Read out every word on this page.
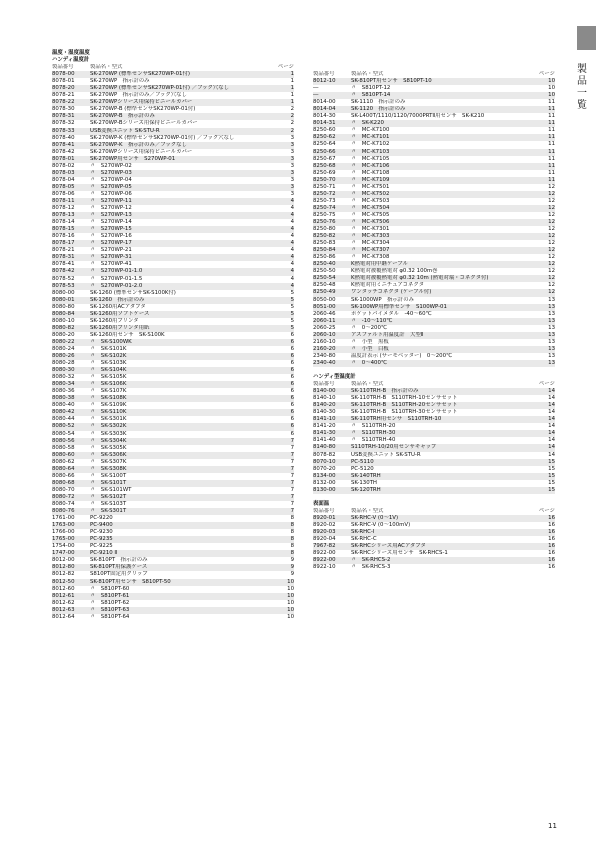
製品一覧
温度・湿度温度
ハンディ温度計
製品番号	製品名・型式	ページ
8078-00	SK-270WP (標準センサSK270WP-01付)	1
8078-01	SK-270WP　指示計のみ	1
8078-20	SK-270WP (標準センサSK270WP-01付) ／フック穴なし	1
8078-21	SK-270WP　指示計のみ／フック穴なし	1
8078-22	SK-270WPシリーズ用保持ビニールカバー	1
8078-30	SK-270WP-B (標準センサSK270WP-01付)	2
8078-31	SK-270WP-B　指示計のみ	2
8078-32	SK-270WP-Bシリーズ用保持ビニールカバー	2
8078-33	USB変換ユニット SK-STU-R	2
8078-40	SK-270WP-K (標準センサSK270WP-01付) ／フック穴なし	3
8078-41	SK-270WP-K　指示計のみ／フックなし	3
8078-42	SK-270WPシリーズ用保持ビニールカバー	3
8078-01	SK-270WP用センサ　S270WP-01	3
8078-02	〃　S270WP-02	3
8078-03	〃　S270WP-03	3
8078-04	〃　S270WP-04	3
8078-05	〃　S270WP-05	3
8078-06	〃　S270WP-06	3
8078-11	〃　S270WP-11	4
8078-12	〃　S270WP-12	4
8078-13	〃　S270WP-13	4
8078-14	〃　S270WP-14	4
8078-15	〃　S270WP-15	4
8078-16	〃　S270WP-16	4
8078-17	〃　S270WP-17	4
8078-21	〃　S270WP-21	4
8078-31	〃　S270WP-31	4
8078-41	〃　S270WP-41	4
8078-42	〃　S270WP-01-1.0	4
8078-52	〃　S270WP-01-1.5	4
8078-53	〃　S270WP-01-2.0	4
8080-00	SK-1260 (標準センサSK-S100K付)	5
8080-01	SK-1260　指示計のみ	5
8080-80	SK-1260用ACアダプタ	5
8080-84	SK-1260用ソフトケース	5
8080-10	SK-1260用プリンタ	5
8080-82	SK-1260用プリンタ用紙	5
8080-20	SK-1260用センサ　SK-S100K	6
8080-22	〃　SK-S100WK	6
8080-24	〃　SK-S101K	6
8080-26	〃　SK-S102K	6
8080-28	〃　SK-S103K	6
8080-30	〃　SK-S104K	6
8080-32	〃　SK-S105K	6
8080-34	〃　SK-S106K	6
8080-36	〃　SK-S107K	6
8080-38	〃　SK-S108K	6
8080-40	〃　SK-S109K	6
8080-42	〃　SK-S110K	6
8080-44	〃　SK-S301K	6
8080-52	〃　SK-S302K	6
8080-54	〃　SK-S303K	6
8080-56	〃　SK-S304K	7
8080-58	〃　SK-S305K	7
8080-60	〃　SK-S306K	7
8080-62	〃　SK-S307K	7
8080-64	〃　SK-S308K	7
8080-66	〃　SK-S100T	7
8080-68	〃　SK-S101T	7
8080-70	〃　SK-S101WT	7
8080-72	〃　SK-S102T	7
8080-74	〃　SK-S103T	7
8080-76	〃　SK-S301T	7
1761-00	PC-9220	8
1763-00	PC-9400	8
1766-00	PC-9230	8
1765-00	PC-9235	8
1754-00	PC-9225	8
1747-00	PC-9210 Ⅱ	8
8012-00	SK-810PT　指示計のみ	9
8012-80	SK-810PT用保護ケース	9
8012-82	S810PT固定用クリップ	9
8012-50	SK-810PT用センサ　S810PT-50	10
8012-60	〃　S810PT-60	10
8012-61	〃　S810PT-61	10
8012-62	〃　S810PT-62	10
8012-63	〃　S810PT-63	10
8012-64	〃　S810PT-64	10
製品番号	製品名・型式	ページ
8012-10	SK-810PT用センサ　S810PT-10	10
―	〃　S810PT-12	10
―	〃　S810PT-14	10
8014-00	SK-1110　指示計のみ	11
8014-04	SK-1120　指示計のみ	11
8014-30	SK-L400T/1110/1120/7000PRTⅡ用センサ　SK-K210	11
8014-31	〃　SK-K220	11
8250-60	〃　MC-K7100	11
8250-62	〃　MC-K7101	11
8250-64	〃　MC-K7102	11
8250-66	〃　MC-K7103	11
8250-67	〃　MC-K7105	11
8250-68	〃　MC-K7106	11
8250-69	〃　MC-K7108	11
8250-70	〃　MC-K7109	11
8250-71	〃　MC-K7501	12
8250-72	〃　MC-K7502	12
8250-73	〃　MC-K7503	12
8250-74	〃　MC-K7504	12
8250-75	〃　MC-K7505	12
8250-76	〃　MC-K7506	12
8250-80	〃　MC-K7301	12
8250-82	〃　MC-K7303	12
8250-83	〃　MC-K7304	12
8250-84	〃　MC-K7307	12
8250-86	〃　MC-K7308	12
8250-40	K熱電対用中継ケーブル	12
8250-50	K熱電対被覆熱電対 φ0.32 100m巻	12
8250-54	K熱電対被覆熱電対 φ0.32 10m (熱電対端・コネクタ付)	12
8250-48	K熱電対用ミニチュアコネクタ	12
8250-49	ワンタッチコネクタ (ケーブル付)	12
8050-00	SK-1000WP　指示計のみ	13
8051-00	SK-100WP用標準センサ　S100WP-01	13
2060-46	ポケットパイメタル　-40〜60℃	13
2060-11	〃　-10〜110℃	13
2060-25	〃　0〜200℃	13
2060-10	アスファルト用温度計　大型Ⅱ	13
2160-10	〃　小型　黒板	13
2160-20	〃　小型　白板	13
2340-80	温度計表示 (サーモベッター)　0〜200℃	13
2340-40	〃　0〜400℃	13
ハンディ型温度計
製品番号	製品名・型式	ページ
8140-00	SK-110TRH-B　指示計のみ	14
8140-10	SK-110TRH-B　S110TRH-10センサセット	14
8140-20	SK-110TRH-B　S110TRH-20センサセット	14
8140-30	SK-110TRH-B　S110TRH-30センサセット	14
8141-10	SK-110TRH用センサ　S110TRH-10	14
8141-20	〃　S110TRH-20	14
8141-30	〃　S110TRH-30	14
8141-40	〃　S110TRH-40	14
8140-80	S110TRH-10/20用センサキャップ	14
8078-82	USB変換ユニット SK-STU-R	14
8070-10	PC-5110	15
8070-20	PC-5120	15
8134-00	SK-140TRH	15
8132-00	SK-130TH	15
8130-00	SK-120TRH	15
表面温
製品番号	製品名・型式	ページ
8920-01	SK-RHC-V (0〜1V)	16
8920-02	SK-RHC-V (0〜100mV)	16
8920-03	SK-RHC-I	16
8920-04	SK-RHC-C	16
7967-82	SK-RHCシリーズ用ACアダプタ	16
8922-00	SK-RHCシリーズ用センサ　SK-RHCS-1	16
8922-00	〃　SK-RHCS-2	16
8922-10	〃　SK-RHCS-3	16
11
